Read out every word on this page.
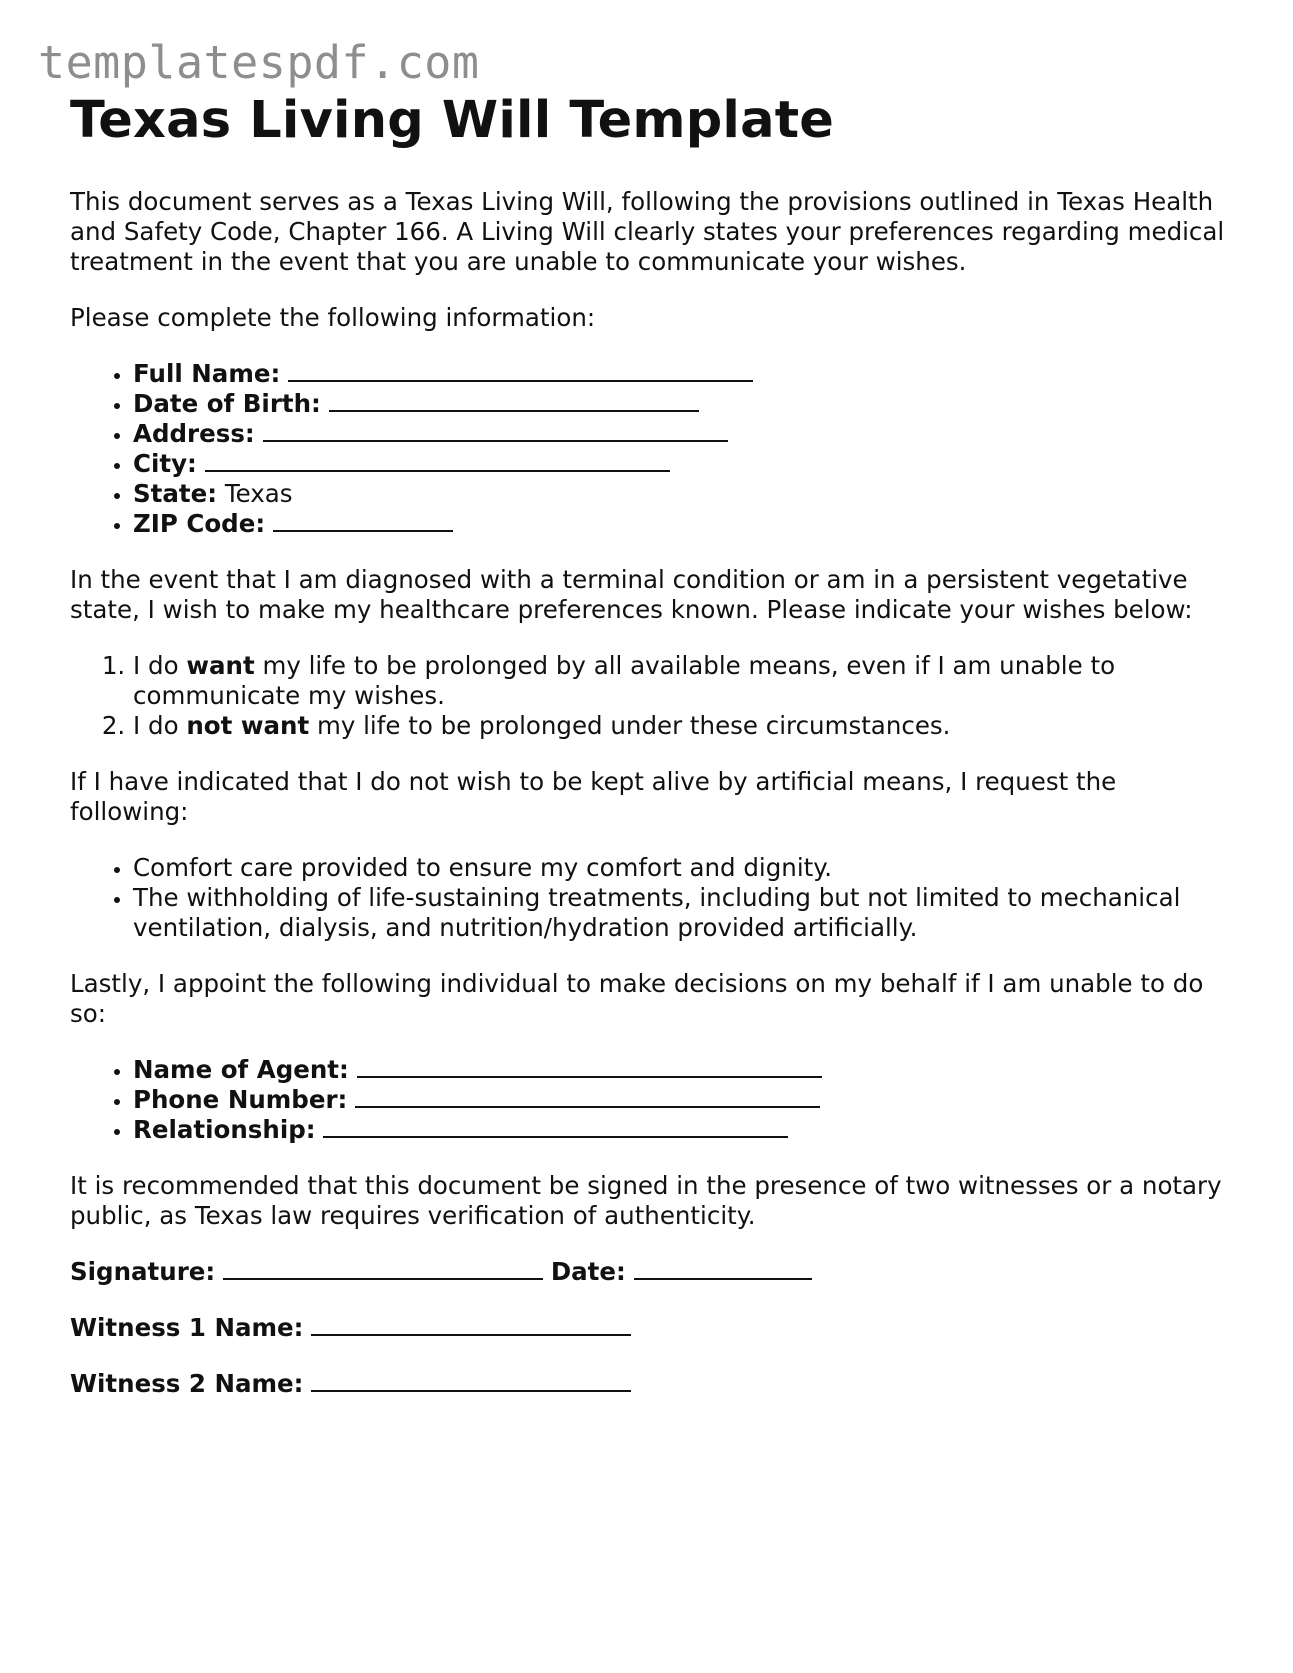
templatespdf.com
Texas Living Will Template

This document serves as a Texas Living Will, following the provisions outlined in Texas Health and Safety Code, Chapter 166. A Living Will clearly states your preferences regarding medical treatment in the event that you are unable to communicate your wishes.

Please complete the following information:

• Full Name:
• Date of Birth:
• Address:
• City:
• State: Texas
• ZIP Code:

In the event that I am diagnosed with a terminal condition or am in a persistent vegetative state, I wish to make my healthcare preferences known. Please indicate your wishes below:

1. I do want my life to be prolonged by all available means, even if I am unable to communicate my wishes.
2. I do not want my life to be prolonged under these circumstances.

If I have indicated that I do not wish to be kept alive by artificial means, I request the following:

• Comfort care provided to ensure my comfort and dignity.
• The withholding of life-sustaining treatments, including but not limited to mechanical ventilation, dialysis, and nutrition/hydration provided artificially.

Lastly, I appoint the following individual to make decisions on my behalf if I am unable to do so:

• Name of Agent:
• Phone Number:
• Relationship:

It is recommended that this document be signed in the presence of two witnesses or a notary public, as Texas law requires verification of authenticity.

Signature:	Date:
Witness 1 Name:
Witness 2 Name:
